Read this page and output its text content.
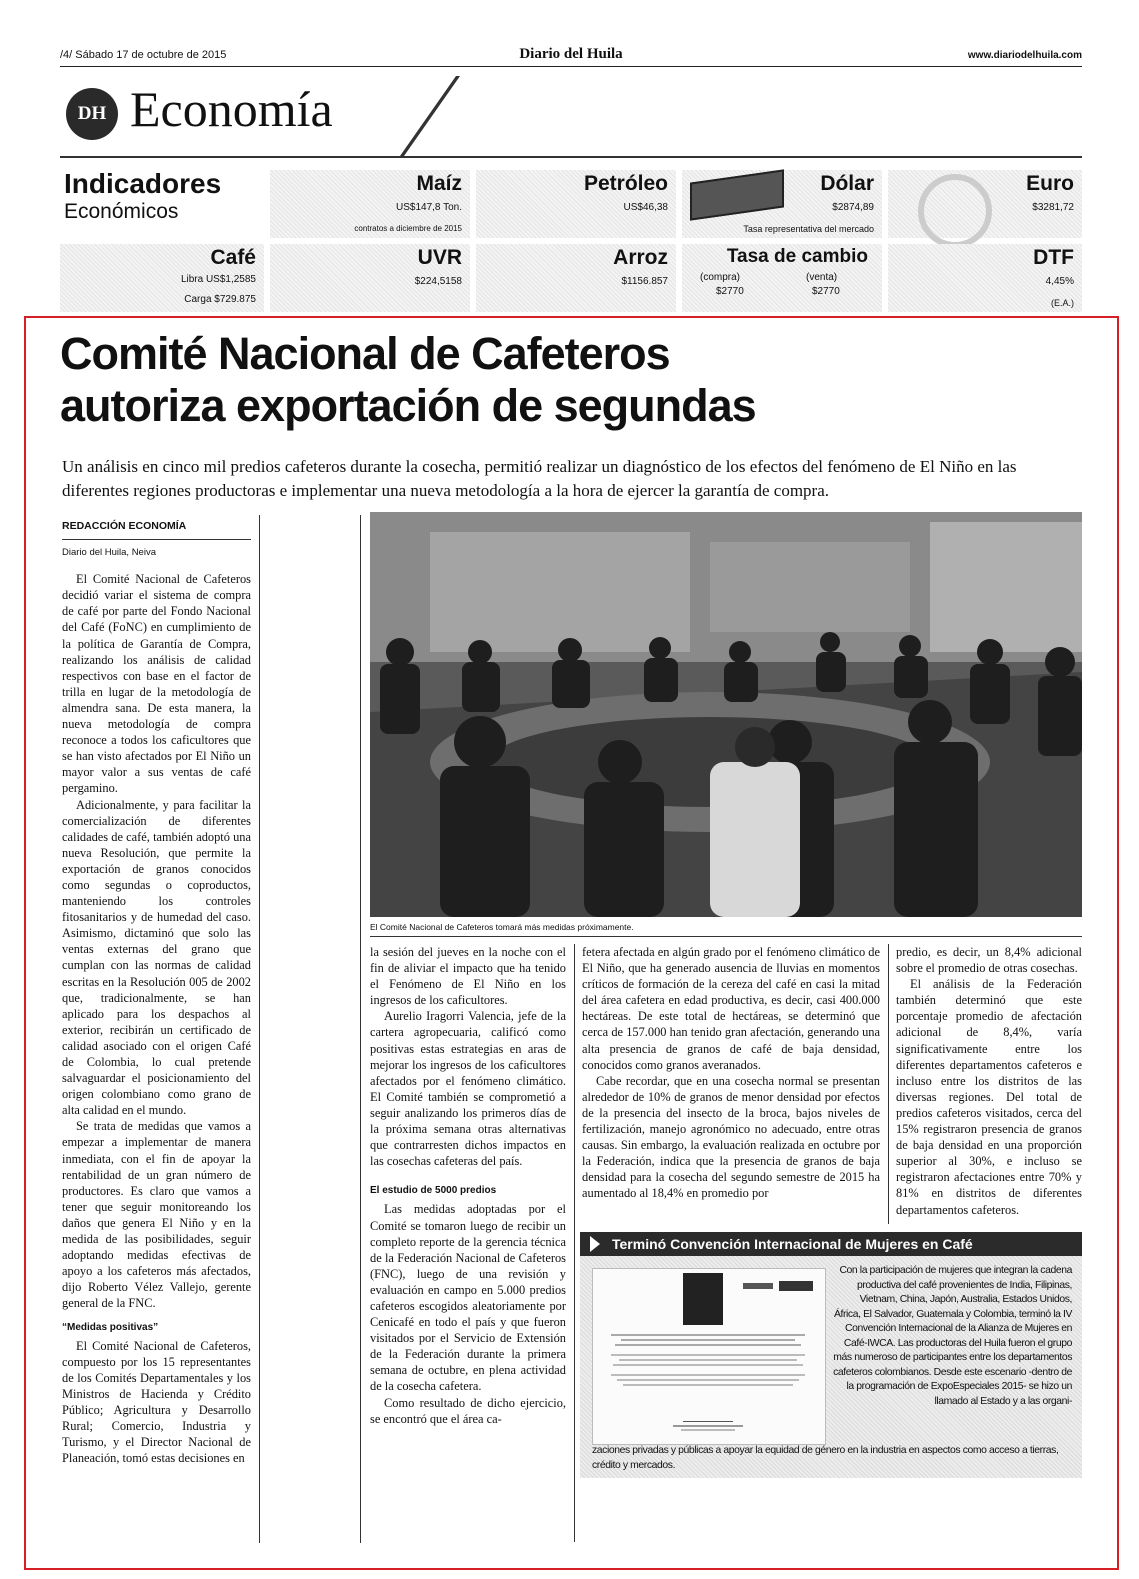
/4/ Sábado 17 de octubre de 2015	Diario del Huila	www.diariodelhuila.com
DH Economía
Indicadores
Económicos
Maíz
US$147,8 Ton.
contratos a diciembre de 2015
Petróleo
US$46,38
Dólar
$2874,89
Tasa representativa del mercado
Euro
$3281,72
Café
Libra US$1,2585
Carga $729.875
UVR
$224,5158
Arroz
$1156.857
Tasa de cambio
(compra)
$2770
(venta)
$2770
DTF
4,45%
(E.A.)
Comité Nacional de Cafeteros
autoriza exportación de segundas
Un análisis en cinco mil predios cafeteros durante la cosecha, permitió realizar un diagnóstico de los efectos del fenómeno de El Niño en las diferentes regiones productoras e implementar una nueva metodología a la hora de ejercer la garantía de compra.
REDACCIÓN ECONOMÍA
Diario del Huila, Neiva

El Comité Nacional de Cafeteros decidió variar el sistema de compra de café por parte del Fondo Nacional del Café (FoNC) en cumplimiento de la política de Garantía de Compra, realizando los análisis de calidad respectivos con base en el factor de trilla en lugar de la metodología de almendra sana. De esta manera, la nueva metodología de compra reconoce a todos los caficultores que se han visto afectados por El Niño un mayor valor a sus ventas de café pergamino.

Adicionalmente, y para facilitar la comercialización de diferentes calidades de café, también adoptó una nueva Resolución, que permite la exportación de granos conocidos como segundas o coproductos, manteniendo los controles fitosanitarios y de humedad del caso. Asimismo, dictaminó que solo las ventas externas del grano que cumplan con las normas de calidad escritas en la Resolución 005 de 2002 que, tradicionalmente, se han aplicado para los despachos al exterior, recibirán un certificado de calidad asociado con el origen Café de Colombia, lo cual pretende salvaguardar el posicionamiento del origen colombiano como grano de alta calidad en el mundo.

Se trata de medidas que vamos a empezar a implementar de manera inmediata, con el fin de apoyar la rentabilidad de un gran número de productores. Es claro que vamos a tener que seguir monitoreando los daños que genera El Niño y en la medida de las posibilidades, seguir adoptando medidas efectivas de apoyo a los cafeteros más afectados, dijo Roberto Vélez Vallejo, gerente general de la FNC.

“Medidas positivas”

El Comité Nacional de Cafeteros, compuesto por los 15 representantes de los Comités Departamentales y los Ministros de Hacienda y Crédito Público; Agricultura y Desarrollo Rural; Comercio, Industria y Turismo, y el Director Nacional de Planeación, tomó estas decisiones en

El Comité Nacional de Cafeteros tomará más medidas próximamente.

la sesión del jueves en la noche con el fin de aliviar el impacto que ha tenido el Fenómeno de El Niño en los ingresos de los caficultores.

Aurelio Iragorri Valencia, jefe de la cartera agropecuaria, calificó como positivas estas estrategias en aras de mejorar los ingresos de los caficultores afectados por el fenómeno climático. El Comité también se comprometió a seguir analizando los primeros días de la próxima semana otras alternativas que contrarresten dichos impactos en las cosechas cafeteras del país.

El estudio de 5000 predios

Las medidas adoptadas por el Comité se tomaron luego de recibir un completo reporte de la gerencia técnica de la Federación Nacional de Cafeteros (FNC), luego de una revisión y evaluación en campo en 5.000 predios cafeteros escogidos aleatoriamente por Cenicafé en todo el país y que fueron visitados por el Servicio de Extensión de la Federación durante la primera semana de octubre, en plena actividad de la cosecha cafetera.

Como resultado de dicho ejercicio, se encontró que el área ca-

fetera afectada en algún grado por el fenómeno climático de El Niño, que ha generado ausencia de lluvias en momentos críticos de formación de la cereza del café en casi la mitad del área cafetera en edad productiva, es decir, casi 400.000 hectáreas. De este total de hectáreas, se determinó que cerca de 157.000 han tenido gran afectación, generando una alta presencia de granos de café de baja densidad, conocidos como granos averanados.

Cabe recordar, que en una cosecha normal se presentan alrededor de 10% de granos de menor densidad por efectos de la presencia del insecto de la broca, bajos niveles de fertilización, manejo agronómico no adecuado, entre otras causas. Sin embargo, la evaluación realizada en octubre por la Federación, indica que la presencia de granos de baja densidad para la cosecha del segundo semestre de 2015 ha aumentado al 18,4% en promedio por

predio, es decir, un 8,4% adicional sobre el promedio de otras cosechas.

El análisis de la Federación también determinó que este porcentaje promedio de afectación adicional de 8,4%, varía significativamente entre los diferentes departamentos cafeteros e incluso entre los distritos de las diversas regiones. Del total de predios cafeteros visitados, cerca del 15% registraron presencia de granos de baja densidad en una proporción superior al 30%, e incluso se registraron afectaciones entre 70% y 81% en distritos de diferentes departamentos cafeteros.

Terminó Convención Internacional de Mujeres en Café
Con la participación de mujeres que integran la cadena productiva del café provenientes de India, Filipinas, Vietnam, China, Japón, Australia, Estados Unidos, África, El Salvador, Guatemala y Colombia, terminó la IV Convención Internacional de la Alianza de Mujeres en Café-IWCA. Las productoras del Huila fueron el grupo más numeroso de participantes entre los departamentos cafeteros colombianos. Desde este escenario -dentro de la programación de ExpoEspeciales 2015- se hizo un llamado al Estado y a las organi-
zaciones privadas y públicas a apoyar la equidad de género en la industria en aspectos como acceso a tierras, crédito y mercados.
